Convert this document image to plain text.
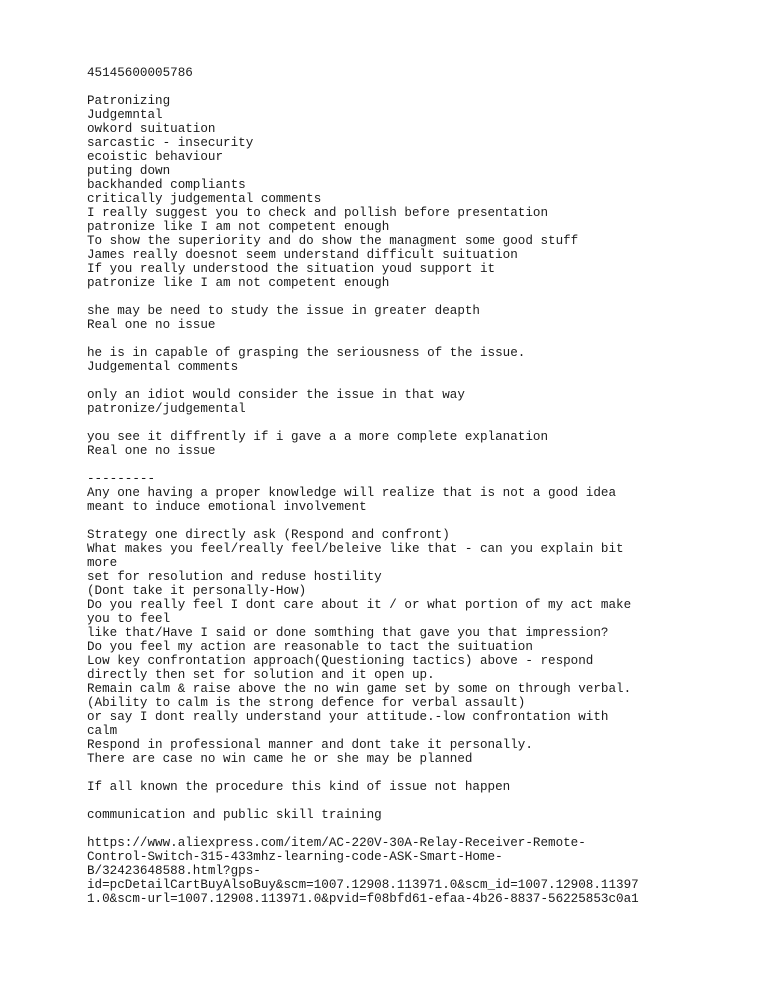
45145600005786
Patronizing
Judgemntal
owkord suituation
sarcastic - insecurity
ecoistic behaviour
puting down
backhanded compliants
critically judgemental comments
I really suggest you to check and pollish before presentation
patronize like I am not competent enough
To show the superiority and do show the managment some good stuff
James really doesnot seem understand difficult suituation
If you really understood the situation youd support it
patronize like I am not competent enough
she may be need to study the issue in greater deapth
Real one no issue
he is in capable of grasping the seriousness of the issue.
Judgemental comments
only an idiot would consider the issue in that way
patronize/judgemental
you see it diffrently if i gave a a more complete explanation
Real one no issue
---------
Any one having a proper knowledge will realize that is not a good idea
meant to induce emotional involvement
Strategy one directly ask (Respond and confront)
What makes you feel/really feel/beleive like that - can you explain bit
more
set for resolution and reduse hostility
(Dont take it personally-How)
Do you really feel I dont care about it / or what portion of my act make
you to feel
like that/Have I said or done somthing that gave you that impression?
Do you feel my action are reasonable to tact the suituation
Low key confrontation approach(Questioning tactics) above - respond
directly then set for solution and it open up.
Remain calm & raise above the no win game set by some on through verbal.
(Ability to calm is the strong defence for verbal assault)
or say I dont really understand your attitude.-low confrontation with
calm
Respond in professional manner and dont take it personally.
There are case no win came he or she may be planned
If all known the procedure this kind of issue not happen
communication and public skill training
https://www.aliexpress.com/item/AC-220V-30A-Relay-Receiver-Remote-
Control-Switch-315-433mhz-learning-code-ASK-Smart-Home-
B/32423648588.html?gps-
id=pcDetailCartBuyAlsoBuy&scm=1007.12908.113971.0&scm_id=1007.12908.11397
1.0&scm-url=1007.12908.113971.0&pvid=f08bfd61-efaa-4b26-8837-56225853c0a1
